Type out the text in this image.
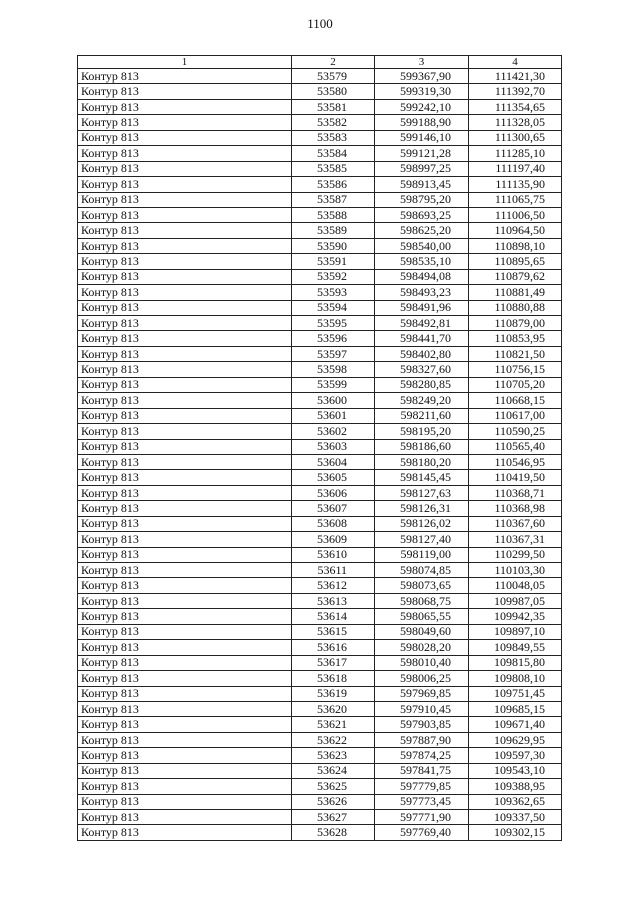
1100
1	2	3	4
Контур 813	53579	599367,90	111421,30
Контур 813	53580	599319,30	111392,70
Контур 813	53581	599242,10	111354,65
Контур 813	53582	599188,90	111328,05
Контур 813	53583	599146,10	111300,65
Контур 813	53584	599121,28	111285,10
Контур 813	53585	598997,25	111197,40
Контур 813	53586	598913,45	111135,90
Контур 813	53587	598795,20	111065,75
Контур 813	53588	598693,25	111006,50
Контур 813	53589	598625,20	110964,50
Контур 813	53590	598540,00	110898,10
Контур 813	53591	598535,10	110895,65
Контур 813	53592	598494,08	110879,62
Контур 813	53593	598493,23	110881,49
Контур 813	53594	598491,96	110880,88
Контур 813	53595	598492,81	110879,00
Контур 813	53596	598441,70	110853,95
Контур 813	53597	598402,80	110821,50
Контур 813	53598	598327,60	110756,15
Контур 813	53599	598280,85	110705,20
Контур 813	53600	598249,20	110668,15
Контур 813	53601	598211,60	110617,00
Контур 813	53602	598195,20	110590,25
Контур 813	53603	598186,60	110565,40
Контур 813	53604	598180,20	110546,95
Контур 813	53605	598145,45	110419,50
Контур 813	53606	598127,63	110368,71
Контур 813	53607	598126,31	110368,98
Контур 813	53608	598126,02	110367,60
Контур 813	53609	598127,40	110367,31
Контур 813	53610	598119,00	110299,50
Контур 813	53611	598074,85	110103,30
Контур 813	53612	598073,65	110048,05
Контур 813	53613	598068,75	109987,05
Контур 813	53614	598065,55	109942,35
Контур 813	53615	598049,60	109897,10
Контур 813	53616	598028,20	109849,55
Контур 813	53617	598010,40	109815,80
Контур 813	53618	598006,25	109808,10
Контур 813	53619	597969,85	109751,45
Контур 813	53620	597910,45	109685,15
Контур 813	53621	597903,85	109671,40
Контур 813	53622	597887,90	109629,95
Контур 813	53623	597874,25	109597,30
Контур 813	53624	597841,75	109543,10
Контур 813	53625	597779,85	109388,95
Контур 813	53626	597773,45	109362,65
Контур 813	53627	597771,90	109337,50
Контур 813	53628	597769,40	109302,15
